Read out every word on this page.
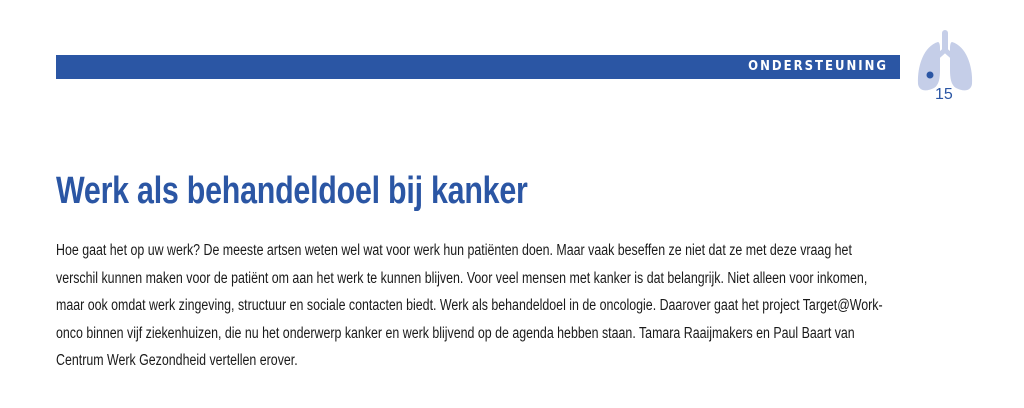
ONDERSTEUNING
15
Werk als behandeldoel bij kanker

Hoe gaat het op uw werk? De meeste artsen weten wel wat voor werk hun patiënten doen. Maar vaak beseffen ze niet dat ze met deze vraag het verschil kunnen maken voor de patiënt om aan het werk te kunnen blijven. Voor veel mensen met kanker is dat belangrijk. Niet alleen voor inkomen, maar ook omdat werk zingeving, structuur en sociale contacten biedt. Werk als behandeldoel in de oncologie. Daarover gaat het project Target@Work-onco binnen vijf ziekenhuizen, die nu het onderwerp kanker en werk blijvend op de agenda hebben staan. Tamara Raaijmakers en Paul Baart van Centrum Werk Gezondheid vertellen erover.
